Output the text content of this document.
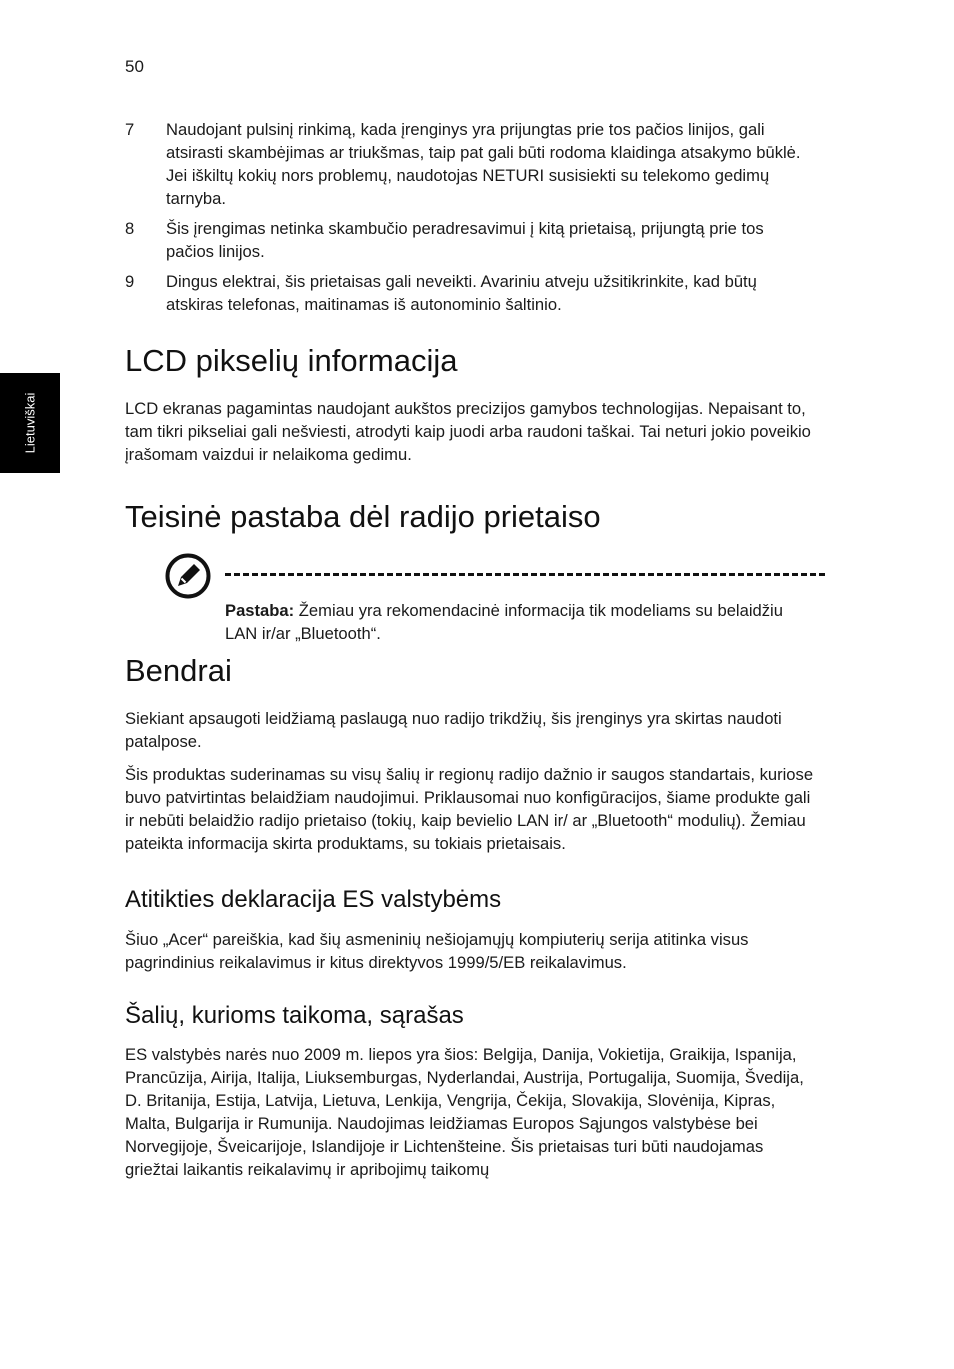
50
Lietuviškai
7	Naudojant pulsinį rinkimą, kada įrenginys yra prijungtas prie tos pačios linijos, gali atsirasti skambėjimas ar triukšmas, taip pat gali būti rodoma klaidinga atsakymo būklė. Jei iškiltų kokių nors problemų, naudotojas NETURI susisiekti su telekomo gedimų tarnyba.
8	Šis įrengimas netinka skambučio peradresavimui į kitą prietaisą, prijungtą prie tos pačios linijos.
9	Dingus elektrai, šis prietaisas gali neveikti. Avariniu atveju užsitikrinkite, kad būtų atskiras telefonas, maitinamas iš autonominio šaltinio.
LCD pikselių informacija

LCD ekranas pagamintas naudojant aukštos precizijos gamybos technologijas. Nepaisant to, tam tikri pikseliai gali nešviesti, atrodyti kaip juodi arba raudoni taškai. Tai neturi jokio poveikio įrašomam vaizdui ir nelaikoma gedimu.

Teisinė pastaba dėl radijo prietaiso
Pastaba: Žemiau yra rekomendacinė informacija tik modeliams su belaidžiu LAN ir/ar „Bluetooth“.
Bendrai

Siekiant apsaugoti leidžiamą paslaugą nuo radijo trikdžių, šis įrenginys yra skirtas naudoti patalpose.

Šis produktas suderinamas su visų šalių ir regionų radijo dažnio ir saugos standartais, kuriose buvo patvirtintas belaidžiam naudojimui. Priklausomai nuo konfigūracijos, šiame produkte gali ir nebūti belaidžio radijo prietaiso (tokių, kaip bevielio LAN ir/ ar „Bluetooth“ modulių). Žemiau pateikta informacija skirta produktams, su tokiais prietaisais.

Atitikties deklaracija ES valstybėms

Šiuo „Acer“ pareiškia, kad šių asmeninių nešiojamųjų kompiuterių serija atitinka visus pagrindinius reikalavimus ir kitus direktyvos 1999/5/EB reikalavimus.

Šalių, kurioms taikoma, sąrašas

ES valstybės narės nuo 2009 m. liepos yra šios: Belgija, Danija, Vokietija, Graikija, Ispanija, Prancūzija, Airija, Italija, Liuksemburgas, Nyderlandai, Austrija, Portugalija, Suomija, Švedija, D. Britanija, Estija, Latvija, Lietuva, Lenkija, Vengrija, Čekija, Slovakija, Slovėnija, Kipras, Malta, Bulgarija ir Rumunija. Naudojimas leidžiamas Europos Sąjungos valstybėse bei Norvegijoje, Šveicarijoje, Islandijoje ir Lichtenšteine. Šis prietaisas turi būti naudojamas griežtai laikantis reikalavimų ir apribojimų taikomų
